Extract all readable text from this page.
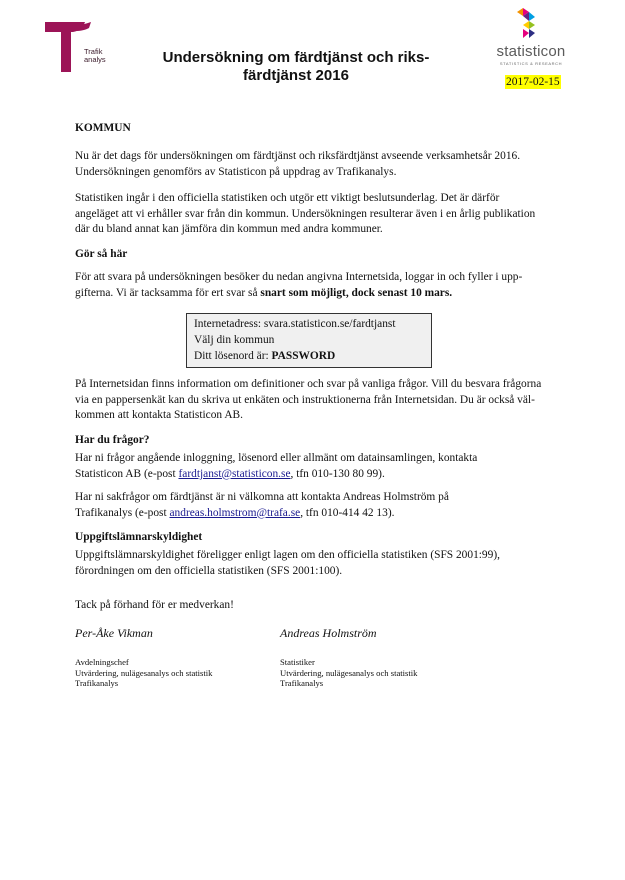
Trafik
analys	Undersökning om färdtjänst och riks-
färdtjänst 2016
statisticon
STATISTICS & RESEARCH
2017-02-15

KOMMUN

Nu är det dags för undersökningen om färdtjänst och riksfärdtjänst avseende verksamhetsår 2016.
Undersökningen genomförs av Statisticon på uppdrag av Trafikanalys.
Statistiken ingår i den officiella statistiken och utgör ett viktigt beslutsunderlag. Det är därför
angeläget att vi erhåller svar från din kommun. Undersökningen resulterar även i en årlig publikation
där du bland annat kan jämföra din kommun med andra kommuner.

Gör så här

För att svara på undersökningen besöker du nedan angivna Internetsida, loggar in och fyller i upp-
gifterna. Vi är tacksamma för ert svar så snart som möjligt, dock senast 10 mars.
Internetadress: svara.statisticon.se/fardtjanst
Välj din kommun
Ditt lösenord är: PASSWORD
På Internetsidan finns information om definitioner och svar på vanliga frågor. Vill du besvara frågorna
via en pappersenkät kan du skriva ut enkäten och instruktionerna från Internetsidan. Du är också väl-
kommen att kontakta Statisticon AB.

Har du frågor?

Har ni frågor angående inloggning, lösenord eller allmänt om datainsamlingen, kontakta
Statisticon AB (e-post fardtjanst@statisticon.se, tfn 010-130 80 99).
Har ni sakfrågor om färdtjänst är ni välkomna att kontakta Andreas Holmström på
Trafikanalys (e-post andreas.holmstrom@trafa.se, tfn 010-414 42 13).

Uppgiftslämnarskyldighet

Uppgiftslämnarskyldighet föreligger enligt lagen om den officiella statistiken (SFS 2001:99),
förordningen om den officiella statistiken (SFS 2001:100).

Tack på förhand för er medverkan!

Per-Åke Vikman	Andreas Holmström
Avdelningschef
Utvärdering, nulägesanalys och statistik
Trafikanalys
Statistiker
Utvärdering, nulägesanalys och statistik
Trafikanalys
